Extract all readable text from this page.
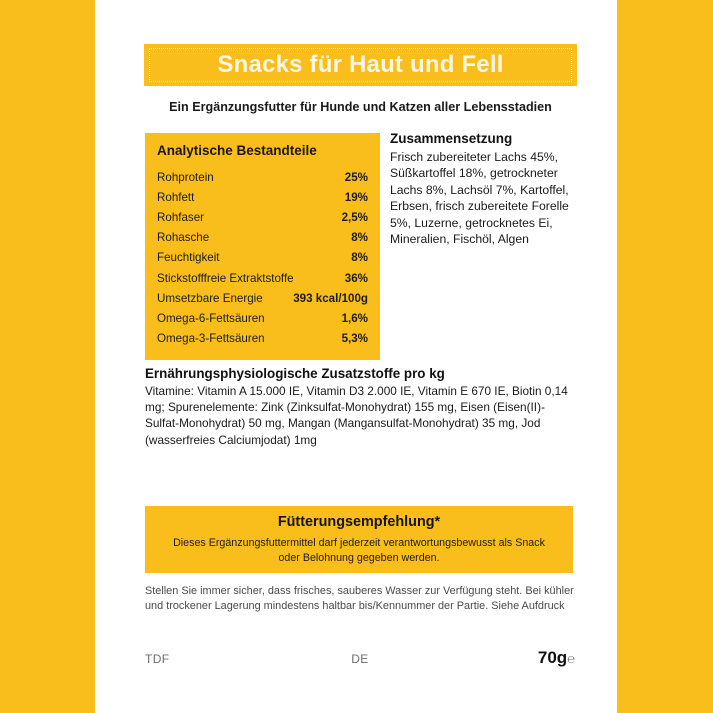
Snacks für Haut und Fell
Ein Ergänzungsfutter für Hunde und Katzen aller Lebensstadien
Analytische Bestandteile
Rohprotein	25%
Rohfett	19%
Rohfaser	2,5%
Rohasche	8%
Feuchtigkeit	8%
Stickstofffreie Extraktstoffe	36%
Umsetzbare Energie	393 kcal/100g
Omega-6-Fettsäuren	1,6%
Omega-3-Fettsäuren	5,3%
Zusammensetzung
Frisch zubereiteter Lachs 45%, Süßkartoffel 18%, getrockneter Lachs 8%, Lachsöl 7%, Kartoffel, Erbsen, frisch zubereitete Forelle 5%, Luzerne, getrocknetes Ei, Mineralien, Fischöl, Algen
Ernährungsphysiologische Zusatzstoffe pro kg
Vitamine: Vitamin A 15.000 IE, Vitamin D3 2.000 IE, Vitamin E 670 IE, Biotin 0,14 mg; Spurenelemente: Zink (Zinksulfat-Monohydrat) 155 mg, Eisen (Eisen(II)-Sulfat-Monohydrat) 50 mg, Mangan (Mangansulfat-Monohydrat) 35 mg, Jod (wasserfreies Calciumjodat) 1mg
Fütterungsempfehlung*
Dieses Ergänzungsfuttermittel darf jederzeit verantwortungsbewusst als Snack oder Belohnung gegeben werden.
Stellen Sie immer sicher, dass frisches, sauberes Wasser zur Verfügung steht. Bei kühler und trockener Lagerung mindestens haltbar bis/Kennummer der Partie. Siehe Aufdruck
TDF	DE	70g℮
